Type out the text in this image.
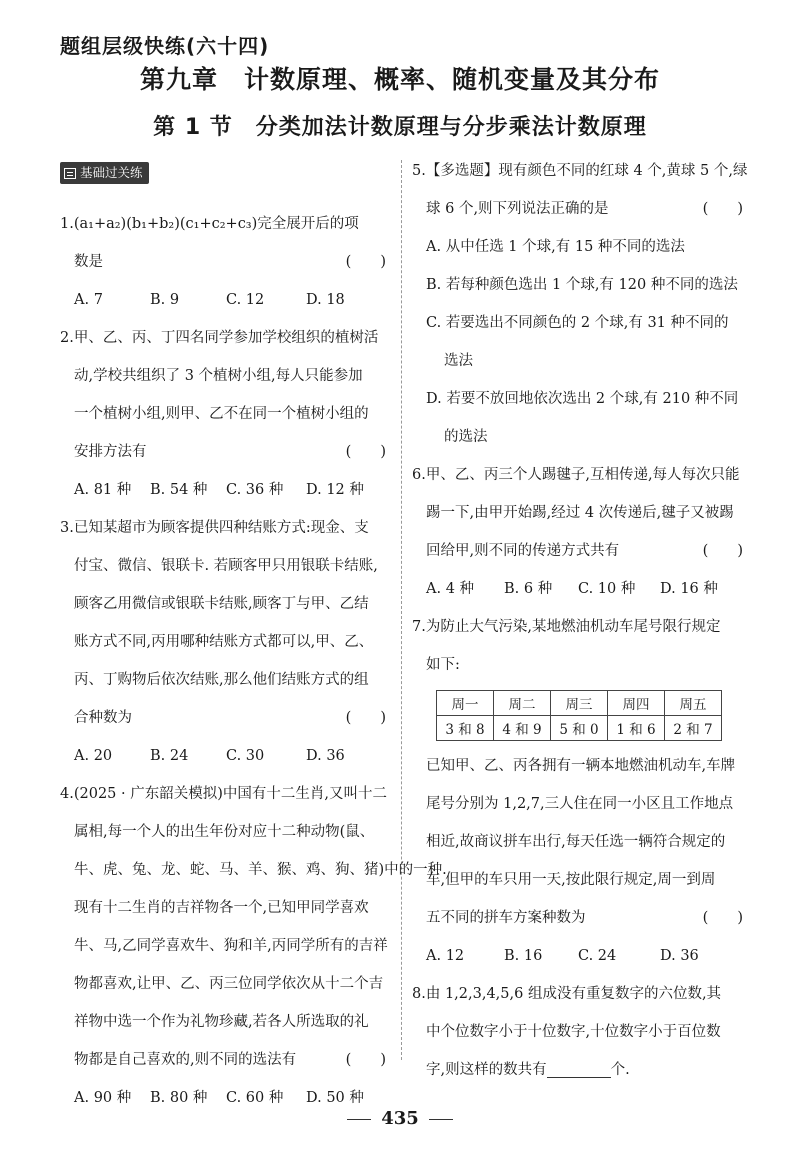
题组层级快练(六十四)
第九章　计数原理、概率、随机变量及其分布
第 1 节　分类加法计数原理与分步乘法计数原理
基础过关练
1.(a₁+a₂)(b₁+b₂)(c₁+c₂+c₃)完全展开后的项
数是	(　　)
A. 7	B. 9	C. 12	D. 18
2.甲、乙、丙、丁四名同学参加学校组织的植树活
动,学校共组织了 3 个植树小组,每人只能参加
一个植树小组,则甲、乙不在同一个植树小组的
安排方法有	(　　)
A. 81 种 B. 54 种 C. 36 种 D. 12 种
3.已知某超市为顾客提供四种结账方式:现金、支
付宝、微信、银联卡. 若顾客甲只用银联卡结账,
顾客乙用微信或银联卡结账,顾客丁与甲、乙结
账方式不同,丙用哪种结账方式都可以,甲、乙、
丙、丁购物后依次结账,那么他们结账方式的组
合种数为	(　　)
A. 20	B. 24	C. 30	D. 36
4.(2025 · 广东韶关模拟)中国有十二生肖,又叫十二
属相,每一个人的出生年份对应十二种动物(鼠、
牛、虎、兔、龙、蛇、马、羊、猴、鸡、狗、猪)中的一种.
现有十二生肖的吉祥物各一个,已知甲同学喜欢
牛、马,乙同学喜欢牛、狗和羊,丙同学所有的吉祥
物都喜欢,让甲、乙、丙三位同学依次从十二个吉
祥物中选一个作为礼物珍藏,若各人所选取的礼
物都是自己喜欢的,则不同的选法有	(　　)
A. 90 种 B. 80 种 C. 60 种 D. 50 种
5.【多选题】现有颜色不同的红球 4 个,黄球 5 个,绿
球 6 个,则下列说法正确的是	(　　)
A. 从中任选 1 个球,有 15 种不同的选法
B. 若每种颜色选出 1 个球,有 120 种不同的选法
C. 若要选出不同颜色的 2 个球,有 31 种不同的
选法
D. 若要不放回地依次选出 2 个球,有 210 种不同
的选法
6.甲、乙、丙三个人踢毽子,互相传递,每人每次只能
踢一下,由甲开始踢,经过 4 次传递后,毽子又被踢
回给甲,则不同的传递方式共有	(　　)
A. 4 种 B. 6 种 C. 10 种 D. 16 种
7.为防止大气污染,某地燃油机动车尾号限行规定
如下:
周一	周二	周三	周四	周五
3 和 8	4 和 9	5 和 0	1 和 6	2 和 7
已知甲、乙、丙各拥有一辆本地燃油机动车,车牌
尾号分别为 1,2,7,三人住在同一小区且工作地点
相近,故商议拼车出行,每天任选一辆符合规定的
车,但甲的车只用一天,按此限行规定,周一到周
五不同的拼车方案种数为	(　　)
A. 12	B. 16 C. 24	D. 36
8.由 1,2,3,4,5,6 组成没有重复数字的六位数,其
中个位数字小于十位数字,十位数字小于百位数
字,则这样的数共有	个.
435
